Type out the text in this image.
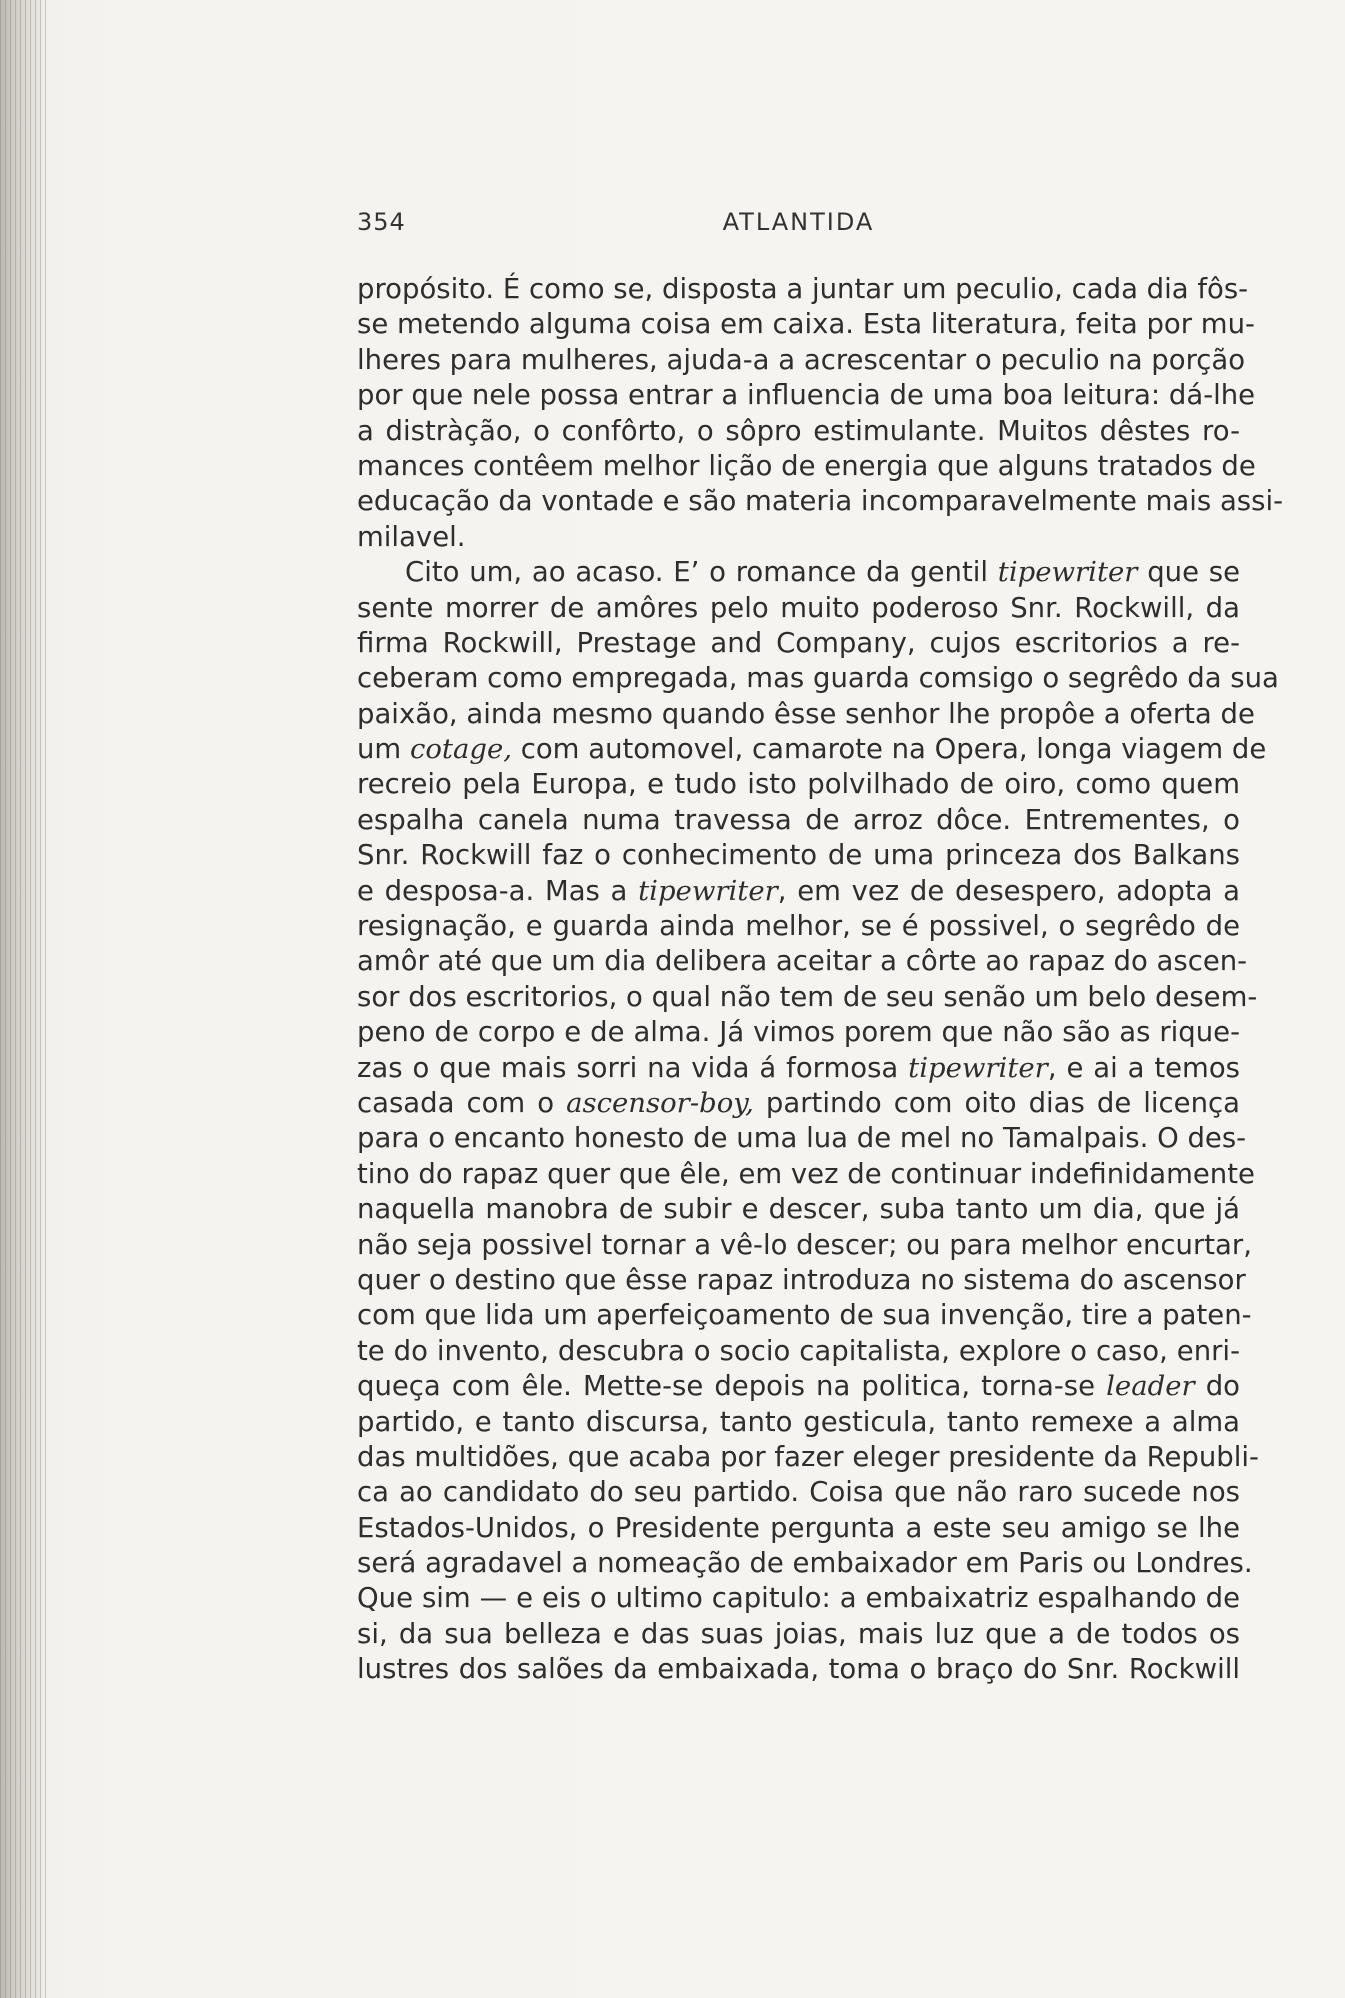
354	ATLANTIDA
propósito. É como se, disposta a juntar um peculio, cada dia fôs-
se metendo alguma coisa em caixa. Esta literatura, feita por mu-
lheres para mulheres, ajuda-a a acrescentar o peculio na porção
por que nele possa entrar a influencia de uma boa leitura: dá-lhe
a distràção, o confôrto, o sôpro estimulante. Muitos dêstes ro-
mances contêem melhor lição de energia que alguns tratados de
educação da vontade e são materia incomparavelmente mais assi-
milavel.
Cito um, ao acaso. E’ o romance da gentil tipewriter que se
sente morrer de amôres pelo muito poderoso Snr. Rockwill, da
firma Rockwill, Prestage and Company, cujos escritorios a re-
ceberam como empregada, mas guarda comsigo o segrêdo da sua
paixão, ainda mesmo quando êsse senhor lhe propôe a oferta de
um cotage, com automovel, camarote na Opera, longa viagem de
recreio pela Europa, e tudo isto polvilhado de oiro, como quem
espalha canela numa travessa de arroz dôce. Entrementes, o
Snr. Rockwill faz o conhecimento de uma princeza dos Balkans
e desposa-a. Mas a tipewriter, em vez de desespero, adopta a
resignação, e guarda ainda melhor, se é possivel, o segrêdo de
amôr até que um dia delibera aceitar a côrte ao rapaz do ascen-
sor dos escritorios, o qual não tem de seu senão um belo desem-
peno de corpo e de alma. Já vimos porem que não são as rique-
zas o que mais sorri na vida á formosa tipewriter, e ai a temos
casada com o ascensor-boy, partindo com oito dias de licença
para o encanto honesto de uma lua de mel no Tamalpais. O des-
tino do rapaz quer que êle, em vez de continuar indefinidamente
naquella manobra de subir e descer, suba tanto um dia, que já
não seja possivel tornar a vê-lo descer; ou para melhor encurtar,
quer o destino que êsse rapaz introduza no sistema do ascensor
com que lida um aperfeiçoamento de sua invenção, tire a paten-
te do invento, descubra o socio capitalista, explore o caso, enri-
queça com êle. Mette-se depois na politica, torna-se leader do
partido, e tanto discursa, tanto gesticula, tanto remexe a alma
das multidões, que acaba por fazer eleger presidente da Republi-
ca ao candidato do seu partido. Coisa que não raro sucede nos
Estados-Unidos, o Presidente pergunta a este seu amigo se lhe
será agradavel a nomeação de embaixador em Paris ou Londres.
Que sim — e eis o ultimo capitulo: a embaixatriz espalhando de
si, da sua belleza e das suas joias, mais luz que a de todos os
lustres dos salões da embaixada, toma o braço do Snr. Rockwill
